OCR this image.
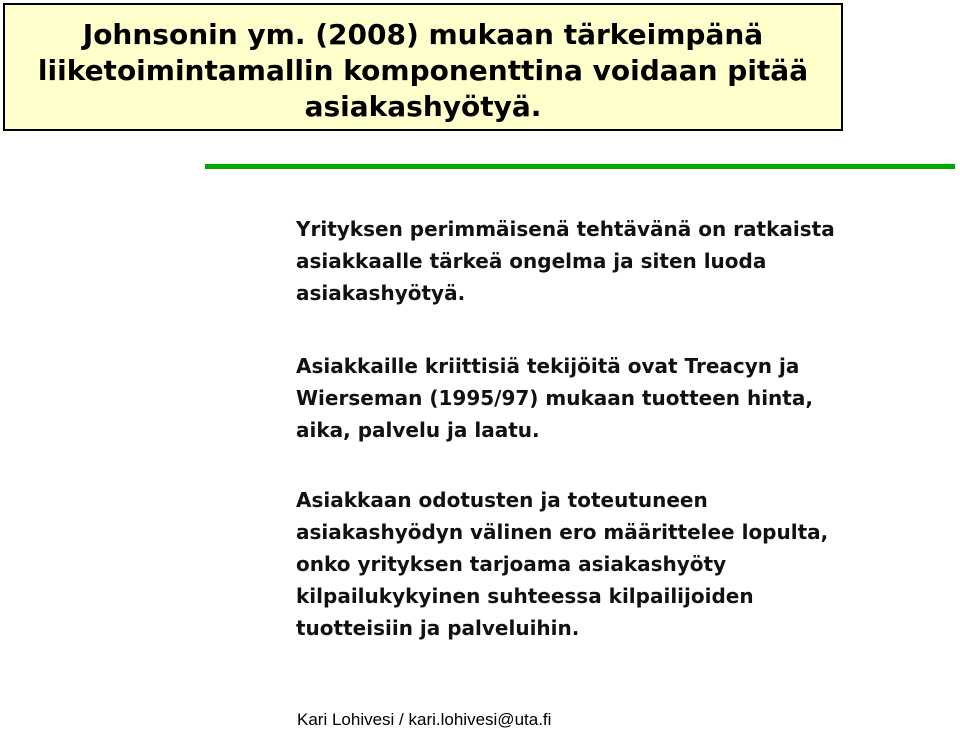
Johnsonin ym. (2008) mukaan tärkeimpänä
liiketoimintamallin komponenttina voidaan pitää
asiakashyötyä.
Yrityksen perimmäisenä tehtävänä on ratkaista
asiakkaalle tärkeä ongelma ja siten luoda
asiakashyötyä.
Asiakkaille kriittisiä tekijöitä ovat Treacyn ja
Wierseman (1995/97) mukaan tuotteen hinta,
aika, palvelu ja laatu.
Asiakkaan odotusten ja toteutuneen
asiakashyödyn välinen ero määrittelee lopulta,
onko yrityksen tarjoama asiakashyöty
kilpailukykyinen suhteessa kilpailijoiden
tuotteisiin ja palveluihin.
Kari Lohivesi / kari.lohivesi@uta.fi
